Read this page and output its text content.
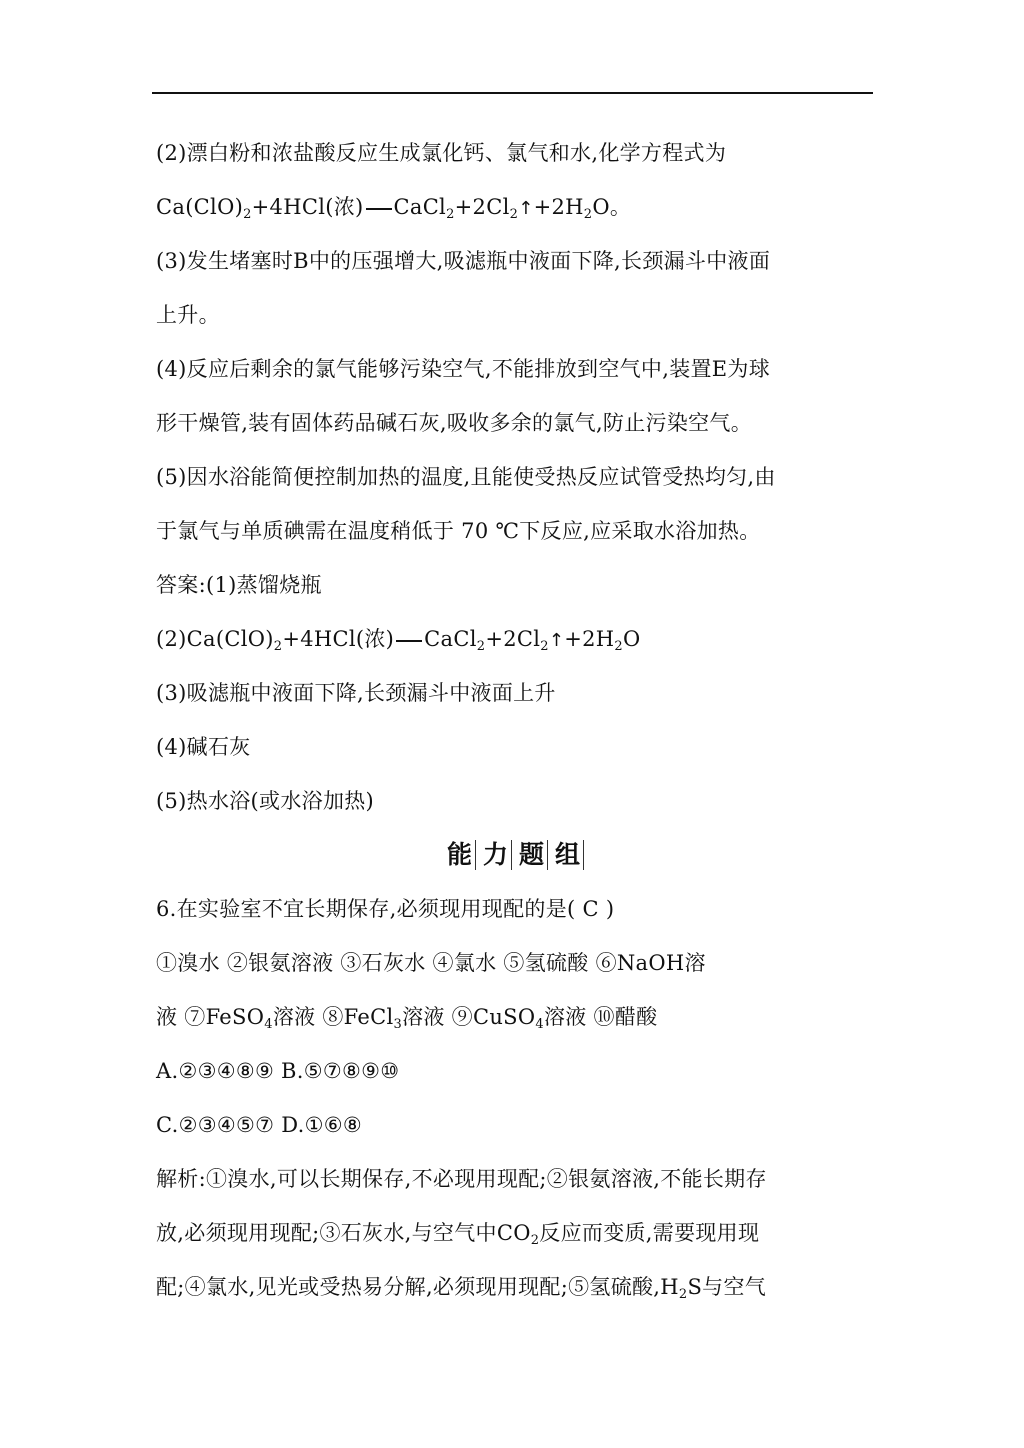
(2)漂白粉和浓盐酸反应生成氯化钙、氯气和水,化学方程式为
$Ca(ClO)_2+4HCl$(浓) $CaCl_2+2Cl_2↑+2H_2O$。
(3)发生堵塞时B中的压强增大,吸滤瓶中液面下降,长颈漏斗中液面
上升。
(4)反应后剩余的氯气能够污染空气,不能排放到空气中,装置E为球
形干燥管,装有固体药品碱石灰,吸收多余的氯气,防止污染空气。
(5)因水浴能简便控制加热的温度,且能使受热反应试管受热均匀,由
于氯气与单质碘需在温度稍低于 70 ℃下反应,应采取水浴加热。
答案:(1)蒸馏烧瓶
$(2)Ca(ClO)_2+4HCl$(浓) $CaCl_2+2Cl_2↑+2H_2O$
(3)吸滤瓶中液面下降,长颈漏斗中液面上升
(4)碱石灰
(5)热水浴(或水浴加热)
能 力 题 组
6.在实验室不宜长期保存,必须现用现配的是( C )
①溴水 ②银氨溶液 ③石灰水 ④氯水 ⑤氢硫酸 ⑥NaOH溶
液 ⑦FeSO$_4$溶液 ⑧FeCl$_3$溶液 ⑨CuSO$_4$溶液 ⑩醋酸
A.②③④⑧⑨ B.⑤⑦⑧⑨⑩
C.②③④⑤⑦ D.①⑥⑧
解析:①溴水,可以长期保存,不必现用现配;②银氨溶液,不能长期存
放,必须现用现配;③石灰水,与空气中$CO_2$反应而变质,需要现用现
配;④氯水,见光或受热易分解,必须现用现配;⑤氢硫酸$,H_2S$与空气
